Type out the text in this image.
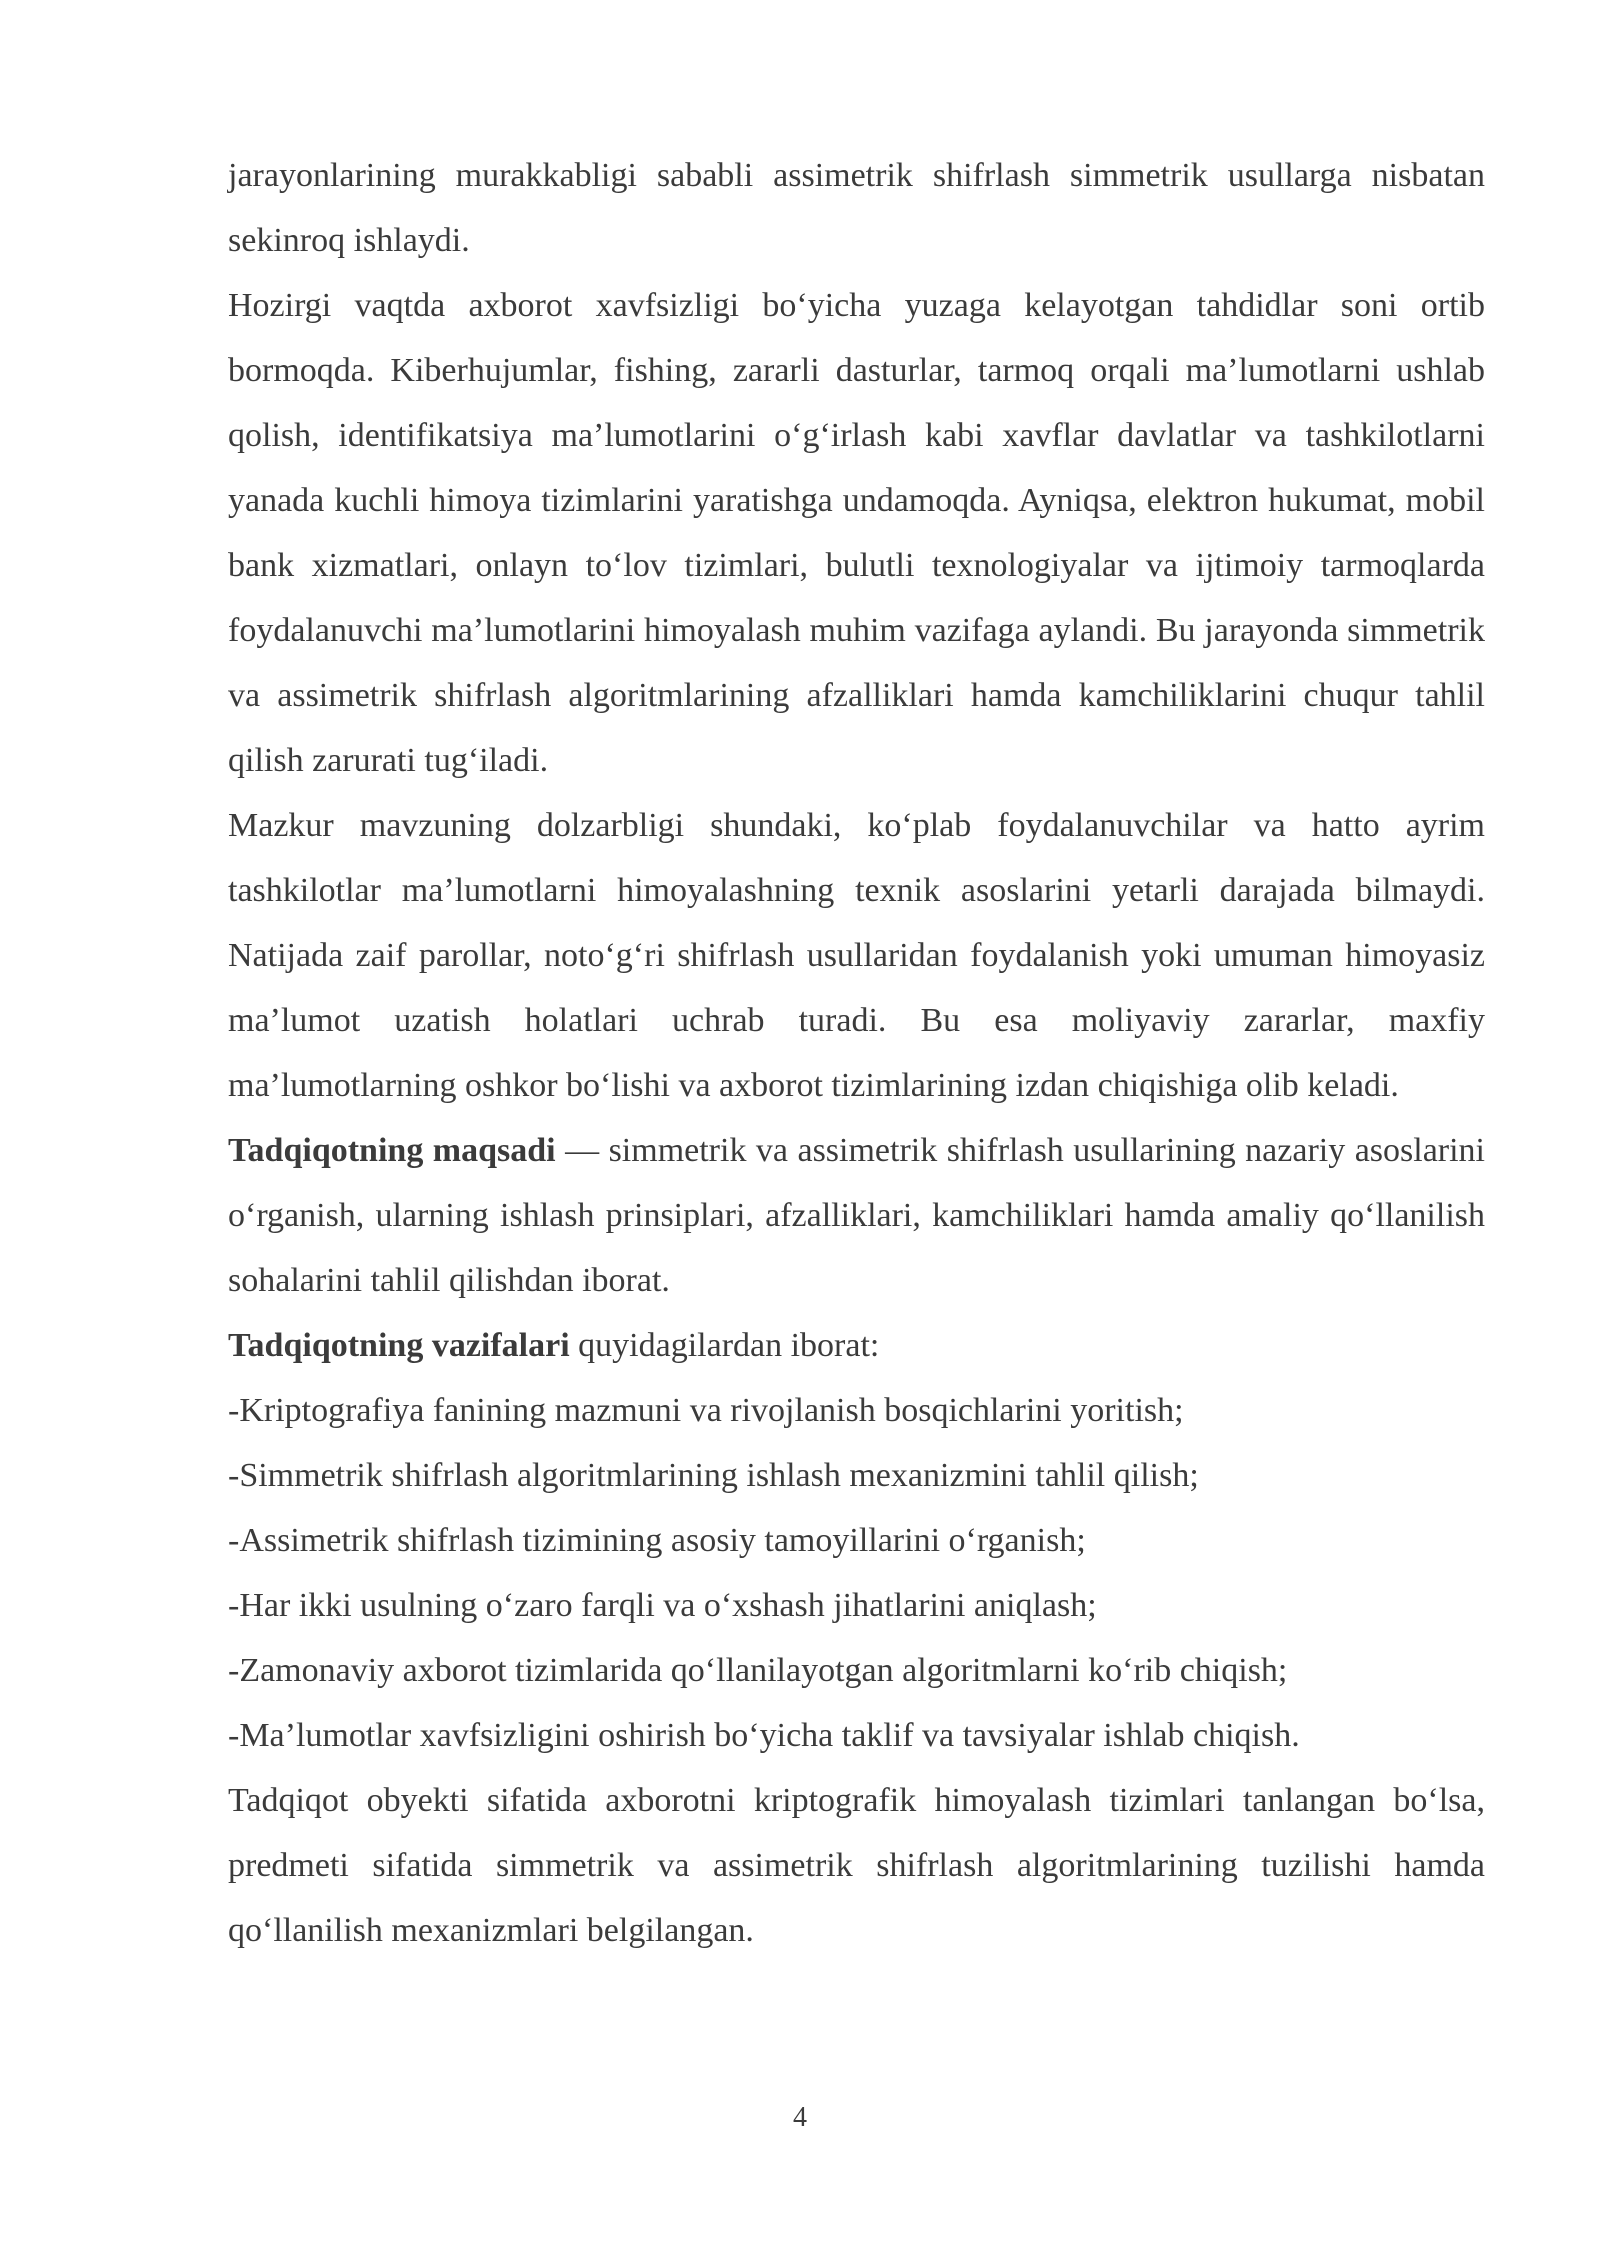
jarayonlarining murakkabligi sababli assimetrik shifrlash simmetrik usullarga nisbatan sekinroq ishlaydi.

Hozirgi vaqtda axborot xavfsizligi bo‘yicha yuzaga kelayotgan tahdidlar soni ortib bormoqda. Kiberhujumlar, fishing, zararli dasturlar, tarmoq orqali ma’lumotlarni ushlab qolish, identifikatsiya ma’lumotlarini o‘g‘irlash kabi xavflar davlatlar va tashkilotlarni yanada kuchli himoya tizimlarini yaratishga undamoqda. Ayniqsa, elektron hukumat, mobil bank xizmatlari, onlayn to‘lov tizimlari, bulutli texnologiyalar va ijtimoiy tarmoqlarda foydalanuvchi ma’lumotlarini himoyalash muhim vazifaga aylandi. Bu jarayonda simmetrik va assimetrik shifrlash algoritmlarining afzalliklari hamda kamchiliklarini chuqur tahlil qilish zarurati tug‘iladi.

Mazkur mavzuning dolzarbligi shundaki, ko‘plab foydalanuvchilar va hatto ayrim tashkilotlar ma’lumotlarni himoyalashning texnik asoslarini yetarli darajada bilmaydi. Natijada zaif parollar, noto‘g‘ri shifrlash usullaridan foydalanish yoki umuman himoyasiz ma’lumot uzatish holatlari uchrab turadi. Bu esa moliyaviy zararlar, maxfiy ma’lumotlarning oshkor bo‘lishi va axborot tizimlarining izdan chiqishiga olib keladi.

Tadqiqotning maqsadi — simmetrik va assimetrik shifrlash usullarining nazariy asoslarini o‘rganish, ularning ishlash prinsiplari, afzalliklari, kamchiliklari hamda amaliy qo‘llanilish sohalarini tahlil qilishdan iborat.

Tadqiqotning vazifalari quyidagilardan iborat:

-Kriptografiya fanining mazmuni va rivojlanish bosqichlarini yoritish;

-Simmetrik shifrlash algoritmlarining ishlash mexanizmini tahlil qilish;

-Assimetrik shifrlash tizimining asosiy tamoyillarini o‘rganish;

-Har ikki usulning o‘zaro farqli va o‘xshash jihatlarini aniqlash;

-Zamonaviy axborot tizimlarida qo‘llanilayotgan algoritmlarni ko‘rib chiqish;

-Ma’lumotlar xavfsizligini oshirish bo‘yicha taklif va tavsiyalar ishlab chiqish.

Tadqiqot obyekti sifatida axborotni kriptografik himoyalash tizimlari tanlangan bo‘lsa, predmeti sifatida simmetrik va assimetrik shifrlash algoritmlarining tuzilishi hamda qo‘llanilish mexanizmlari belgilangan.

4
